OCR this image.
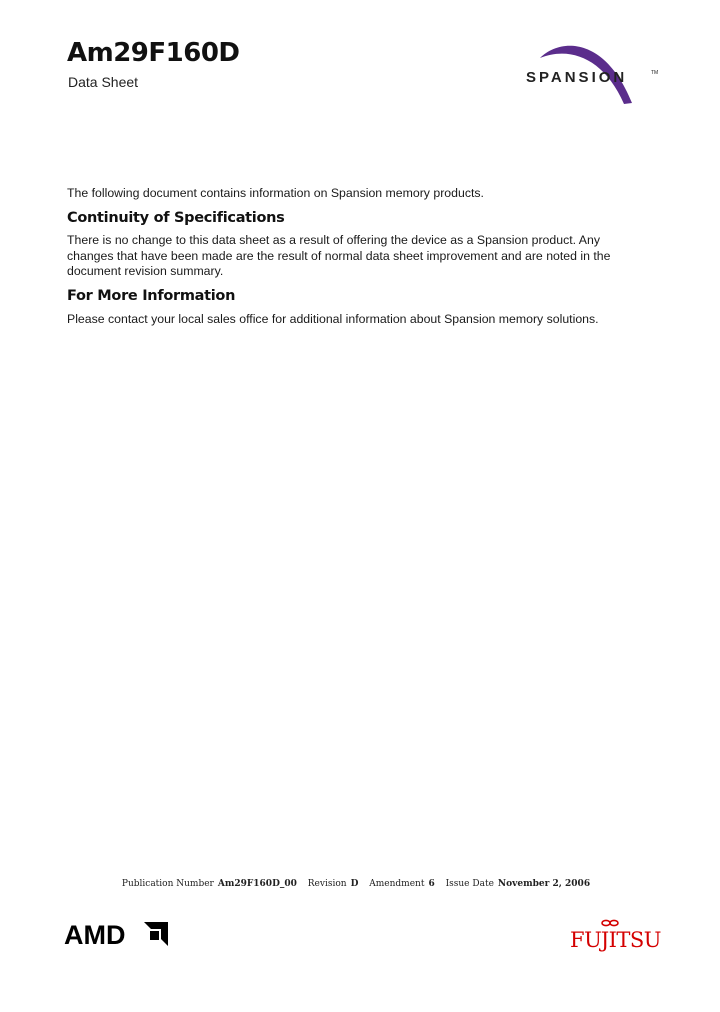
Am29F160D
Data Sheet	SPANSION	TM
The following document contains information on Spansion memory products.
Continuity of Specifications
There is no change to this data sheet as a result of offering the device as a Spansion product. Any
changes that have been made are the result of normal data sheet improvement and are noted in the
document revision summary.
For More Information
Please contact your local sales office for additional information about Spansion memory solutions.
Publication Number Am29F160D_00 Revision D Amendment 6 Issue Date November 2, 2006
AMD	FUJITSU
